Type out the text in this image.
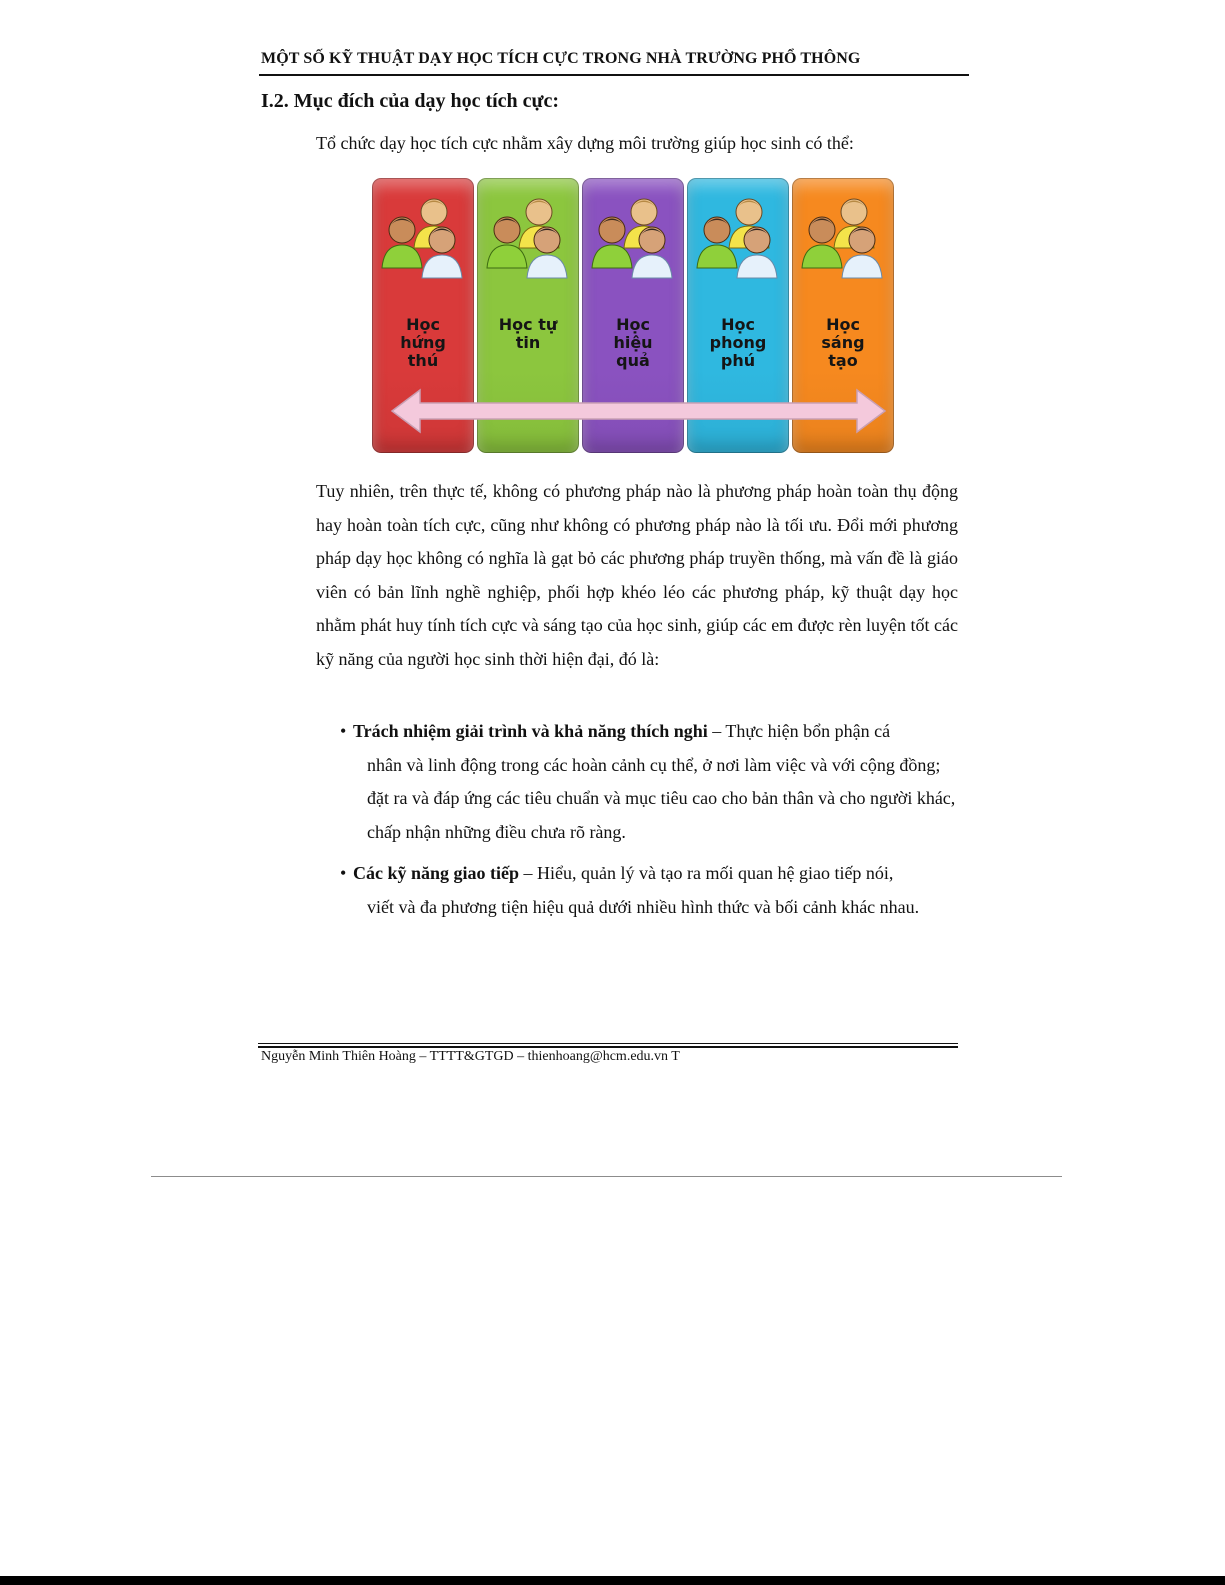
MỘT SỐ KỸ THUẬT DẠY HỌC TÍCH CỰC TRONG NHÀ TRƯỜNG PHỔ THÔNG
I.2. Mục đích của dạy học tích cực:
Tổ chức dạy học tích cực nhằm xây dựng môi trường giúp học sinh có thể:
Học
hứng
thú
Học tự
tin
Học
hiệu
quả
Học
phong
phú
Học
sáng
tạo
Tuy nhiên, trên thực tế, không có phương pháp nào là phương pháp hoàn toàn thụ động hay hoàn toàn tích cực, cũng như không có phương pháp nào là tối ưu. Đổi mới phương pháp dạy học không có nghĩa là gạt bỏ các phương pháp truyền thống, mà vấn đề là giáo viên có bản lĩnh nghề nghiệp, phối hợp khéo léo các phương pháp, kỹ thuật dạy học nhằm phát huy tính tích cực và sáng tạo của học sinh, giúp các em được rèn luyện tốt các kỹ năng của người học sinh thời hiện đại, đó là:
• Trách nhiệm giải trình và khả năng thích nghi – Thực hiện bổn phận cá
nhân và linh động trong các hoàn cảnh cụ thể, ở nơi làm việc và với cộng đồng; đặt ra và đáp ứng các tiêu chuẩn và mục tiêu cao cho bản thân và cho người khác, chấp nhận những điều chưa rõ ràng.
• Các kỹ năng giao tiếp – Hiểu, quản lý và tạo ra mối quan hệ giao tiếp nói,
viết và đa phương tiện hiệu quả dưới nhiều hình thức và bối cảnh khác nhau.
Nguyễn Minh Thiên Hoàng – TTTT&GTGD – thienhoang@hcm.edu.vn T
